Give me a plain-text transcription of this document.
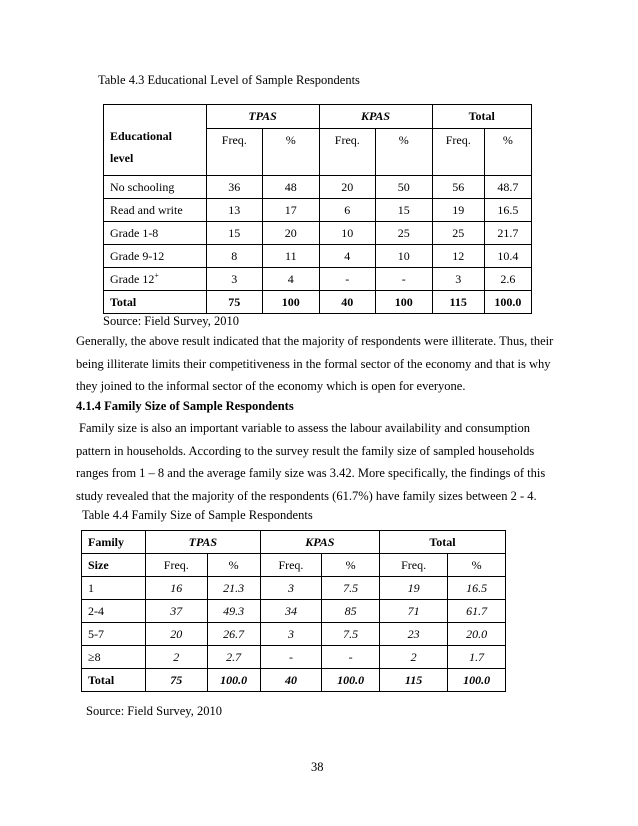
Table 4.3 Educational Level of Sample Respondents
Educational
level	TPAS		KPAS		Total	
	Freq.	%	Freq.	%	Freq.	%
No schooling	36	48	20	50	56	48.7
Read and write	13	17	6	15	19	16.5
Grade 1-8	15	20	10	25	25	21.7
Grade 9-12	8	11	4	10	12	10.4
Grade 12+	3	4	-	-	3	2.6
Total	75	100	40	100	115	100.0
Source: Field Survey, 2010
Generally, the above result indicated that the majority of respondents were illiterate. Thus, their
being illiterate limits their competitiveness in the formal sector of the economy and that is why
they joined to the informal sector of the economy which is open for everyone.
4.1.4 Family Size of Sample Respondents
Family size is also an important variable to assess the labour availability and consumption
pattern in households. According to the survey result the family size of sampled households
ranges from 1 – 8 and the average family size was 3.42. More specifically, the findings of this
study revealed that the majority of the respondents (61.7%) have family sizes between 2 - 4.
Table 4.4 Family Size of Sample Respondents
Family	TPAS		KPAS		Total	
Size	Freq.	%	Freq.	%	Freq.	%
1	16	21.3	3	7.5	19	16.5
2-4	37	49.3	34	85	71	61.7
5-7	20	26.7	3	7.5	23	20.0
≥8	2	2.7	-	-	2	1.7
Total	75	100.0	40	100.0	115	100.0
Source: Field Survey, 2010
38
